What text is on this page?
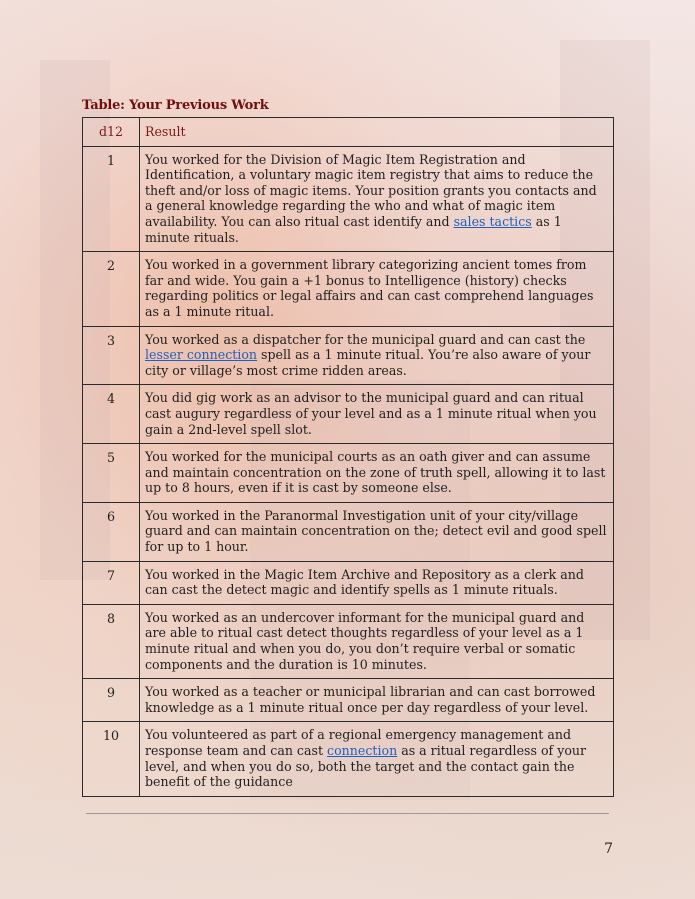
Table: Your Previous Work
d12	Result
1	You worked for the Division of Magic Item Registration and Identification, a voluntary magic item registry that aims to reduce the theft and/or loss of magic items. Your position grants you contacts and a general knowledge regarding the who and what of magic item availability. You can also ritual cast identify and sales tactics as 1 minute rituals.
2	You worked in a government library categorizing ancient tomes from far and wide. You gain a +1 bonus to Intelligence (history) checks regarding politics or legal affairs and can cast comprehend languages as a 1 minute ritual.
3	You worked as a dispatcher for the municipal guard and can cast the lesser connection spell as a 1 minute ritual. You’re also aware of your city or village’s most crime ridden areas.
4	You did gig work as an advisor to the municipal guard and can ritual cast augury regardless of your level and as a 1 minute ritual when you gain a 2nd-level spell slot.
5	You worked for the municipal courts as an oath giver and can assume and maintain concentration on the zone of truth spell, allowing it to last up to 8 hours, even if it is cast by someone else.
6	You worked in the Paranormal Investigation unit of your city/village guard and can maintain concentration on the; detect evil and good spell for up to 1 hour.
7	You worked in the Magic Item Archive and Repository as a clerk and can cast the detect magic and identify spells as 1 minute rituals.
8	You worked as an undercover informant for the municipal guard and are able to ritual cast detect thoughts regardless of your level as a 1 minute ritual and when you do, you don’t require verbal or somatic components and the duration is 10 minutes.
9	You worked as a teacher or municipal librarian and can cast borrowed knowledge as a 1 minute ritual once per day regardless of your level.
10	You volunteered as part of a regional emergency management and response team and can cast connection as a ritual regardless of your level, and when you do so, both the target and the contact gain the benefit of the guidance
7
